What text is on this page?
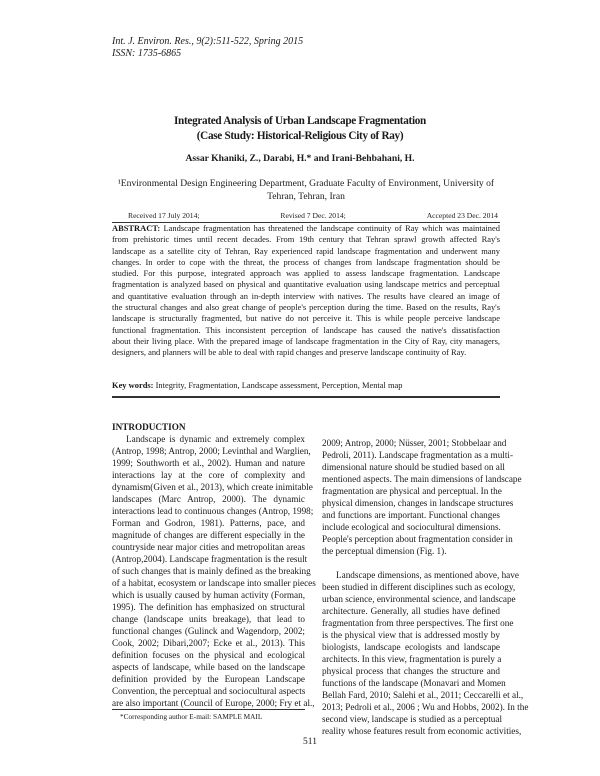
Int. J. Environ. Res., 9(2):511-522, Spring 2015
ISSN: 1735-6865
Integrated Analysis of Urban Landscape Fragmentation
(Case Study: Historical-Religious City of Ray)
Assar Khaniki, Z., Darabi, H.* and Irani-Behbahani, H.
¹Environmental Design Engineering Department, Graduate Faculty of Environment, University of
Tehran, Tehran, Iran
Received 17 July 2014;	Revised 7 Dec. 2014;	Accepted 23 Dec. 2014
ABSTRACT: Landscape fragmentation has threatened the landscape continuity of Ray which was maintained
from prehistoric times until recent decades. From 19th century that Tehran sprawl growth affected Ray's
landscape as a satellite city of Tehran, Ray experienced rapid landscape fragmentation and underwent many
changes. In order to cope with the threat, the process of changes from landscape fragmentation should be
studied. For this purpose, integrated approach was applied to assess landscape fragmentation. Landscape
fragmentation is analyzed based on physical and quantitative evaluation using landscape metrics and perceptual
and quantitative evaluation through an in-depth interview with natives. The results have cleared an image of
the structural changes and also great change of people's perception during the time. Based on the results, Ray's
landscape is structurally fragmented, but native do not perceive it. This is while people perceive landscape
functional fragmentation. This inconsistent perception of landscape has caused the native's dissatisfaction
about their living place. With the prepared image of landscape fragmentation in the City of Ray, city managers,
designers, and planners will be able to deal with rapid changes and preserve landscape continuity of Ray.
Key words: Integrity, Fragmentation, Landscape assessment, Perception, Mental map
INTRODUCTION
Landscape is dynamic and extremely complex
(Antrop, 1998; Antrop, 2000; Levinthal and Warglien,
1999; Southworth et al., 2002). Human and nature
interactions lay at the core of complexity and
dynamism(Given et al., 2013), which create inimitable
landscapes (Marc Antrop, 2000). The dynamic
interactions lead to continuous changes (Antrop, 1998;
Forman and Godron, 1981). Patterns, pace, and
magnitude of changes are different especially in the
countryside near major cities and metropolitan areas
(Antrop,2004). Landscape fragmentation is the result
of such changes that is mainly defined as the breaking
of a habitat, ecosystem or landscape into smaller pieces
which is usually caused by human activity (Forman,
1995). The definition has emphasized on structural
change (landscape units breakage), that lead to
functional changes (Gulinck and Wagendorp, 2002;
Cook, 2002; Dibari,2007; Ecke et al., 2013). This
definition focuses on the physical and ecological
aspects of landscape, while based on the landscape
definition provided by the European Landscape
Convention, the perceptual and sociocultural aspects
are also important (Council of Europe, 2000; Fry et al.,
2009; Antrop, 2000; Nüsser, 2001; Stobbelaar and
Pedroli, 2011). Landscape fragmentation as a multi-
dimensional nature should be studied based on all
mentioned aspects. The main dimensions of landscape
fragmentation are physical and perceptual. In the
physical dimension, changes in landscape structures
and functions are important. Functional changes
include ecological and sociocultural dimensions.
People's perception about fragmentation consider in
the perceptual dimension (Fig. 1).
Landscape dimensions, as mentioned above, have
been studied in different disciplines such as ecology,
urban science, environmental science, and landscape
architecture. Generally, all studies have defined
fragmentation from three perspectives. The first one
is the physical view that is addressed mostly by
biologists, landscape ecologists and landscape
architects. In this view, fragmentation is purely a
physical process that changes the structure and
functions of the landscape (Monavari and Momen
Bellah Fard, 2010; Salehi et al., 2011; Ceccarelli et al.,
2013; Pedroli et al., 2006 ; Wu and Hobbs, 2002). In the
second view, landscape is studied as a perceptual
reality whose features result from economic activities,
*Corresponding author E-mail: SAMPLE MAIL
511
